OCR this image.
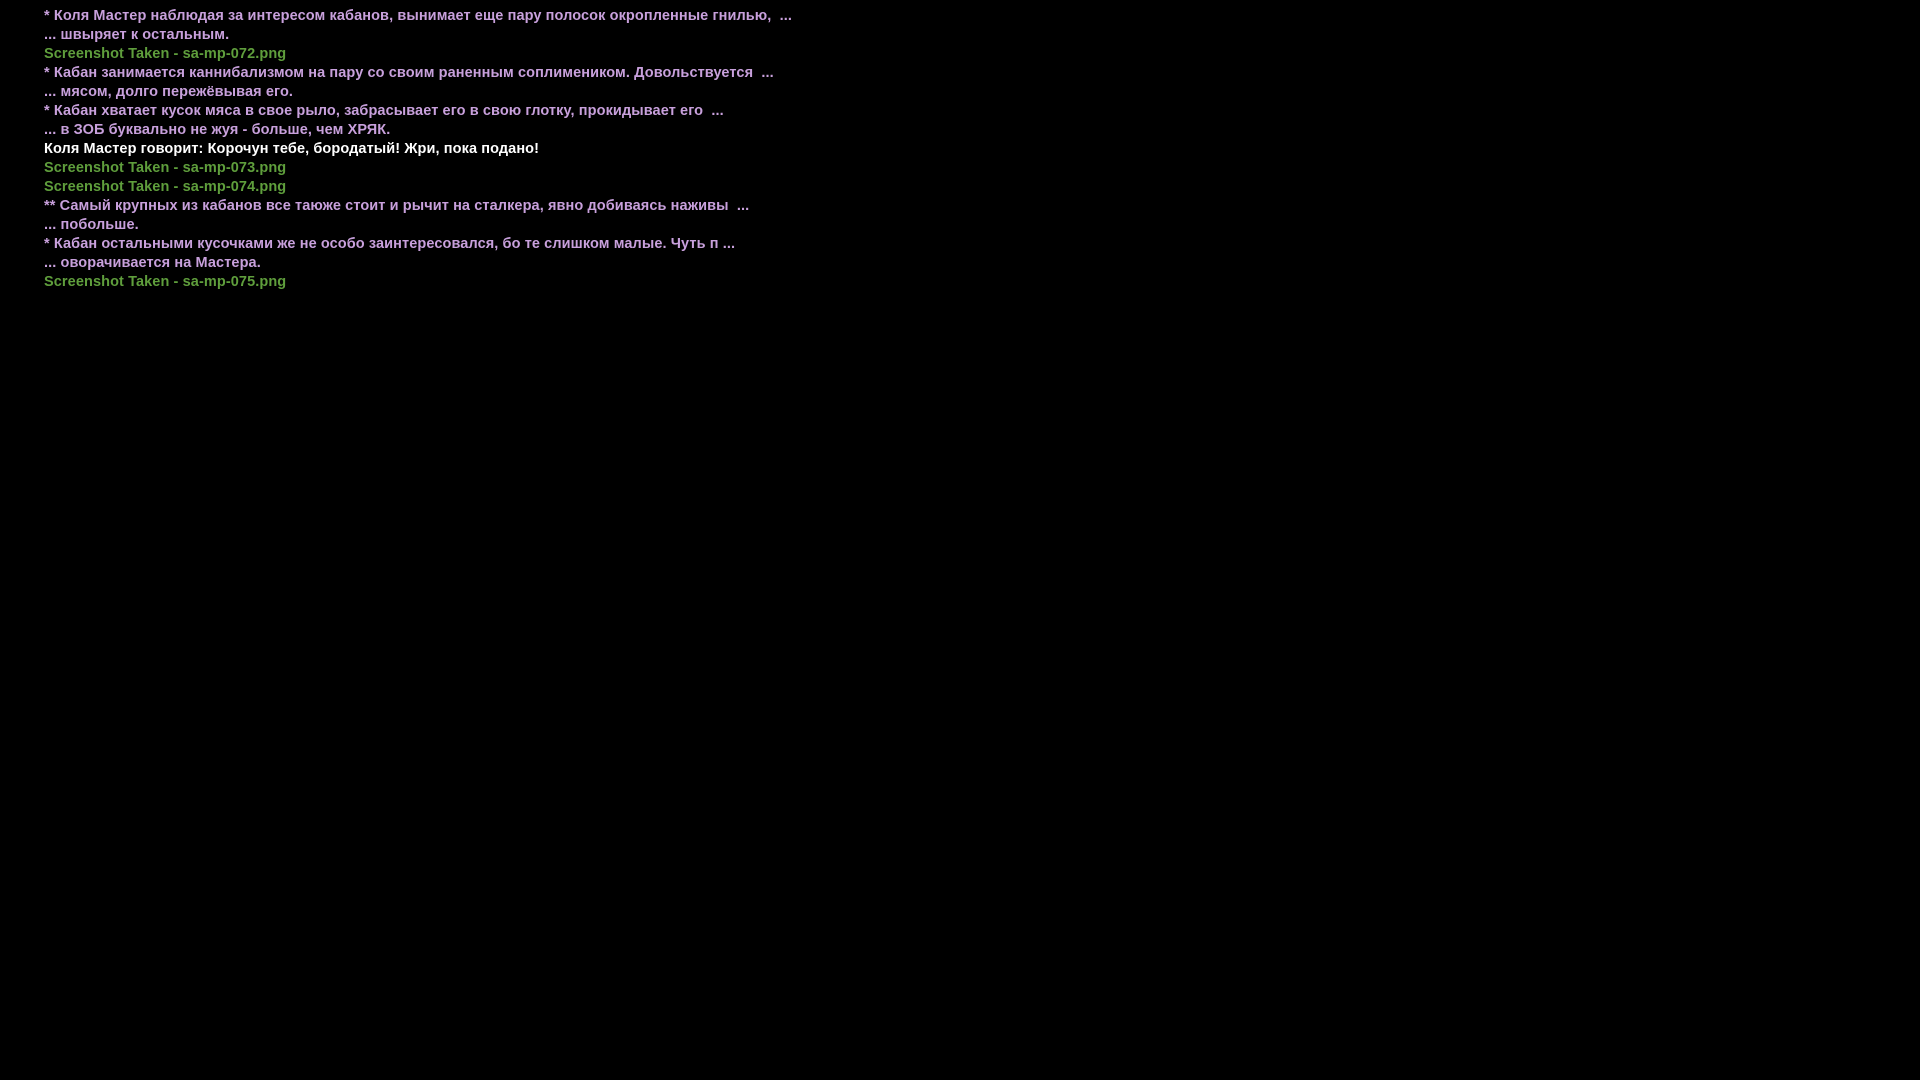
* Коля Мастер наблюдая за интересом кабанов, вынимает еще пару полосок окропленные гнилью,  ...
... швыряет к остальным.
Screenshot Taken - sa-mp-072.png
* Кабан занимается каннибализмом на пару со своим раненным соплимеником. Довольствуется  ...
... мясом, долго пережёвывая его.
* Кабан хватает кусок мяса в свое рыло, забрасывает его в свою глотку, прокидывает его  ...
... в ЗОБ буквально не жуя - больше, чем ХРЯК.
Коля Мастер говорит: Корочун тебе, бородатый! Жри, пока подано!
Screenshot Taken - sa-mp-073.png
Screenshot Taken - sa-mp-074.png
** Самый крупных из кабанов все таюже стоит и рычит на сталкера, явно добиваясь наживы  ...
... побольше.
* Кабан остальными кусочками же не особо заинтересовался, бо те слишком малые. Чуть п ...
... оворачивается на Мастера.
Screenshot Taken - sa-mp-075.png
